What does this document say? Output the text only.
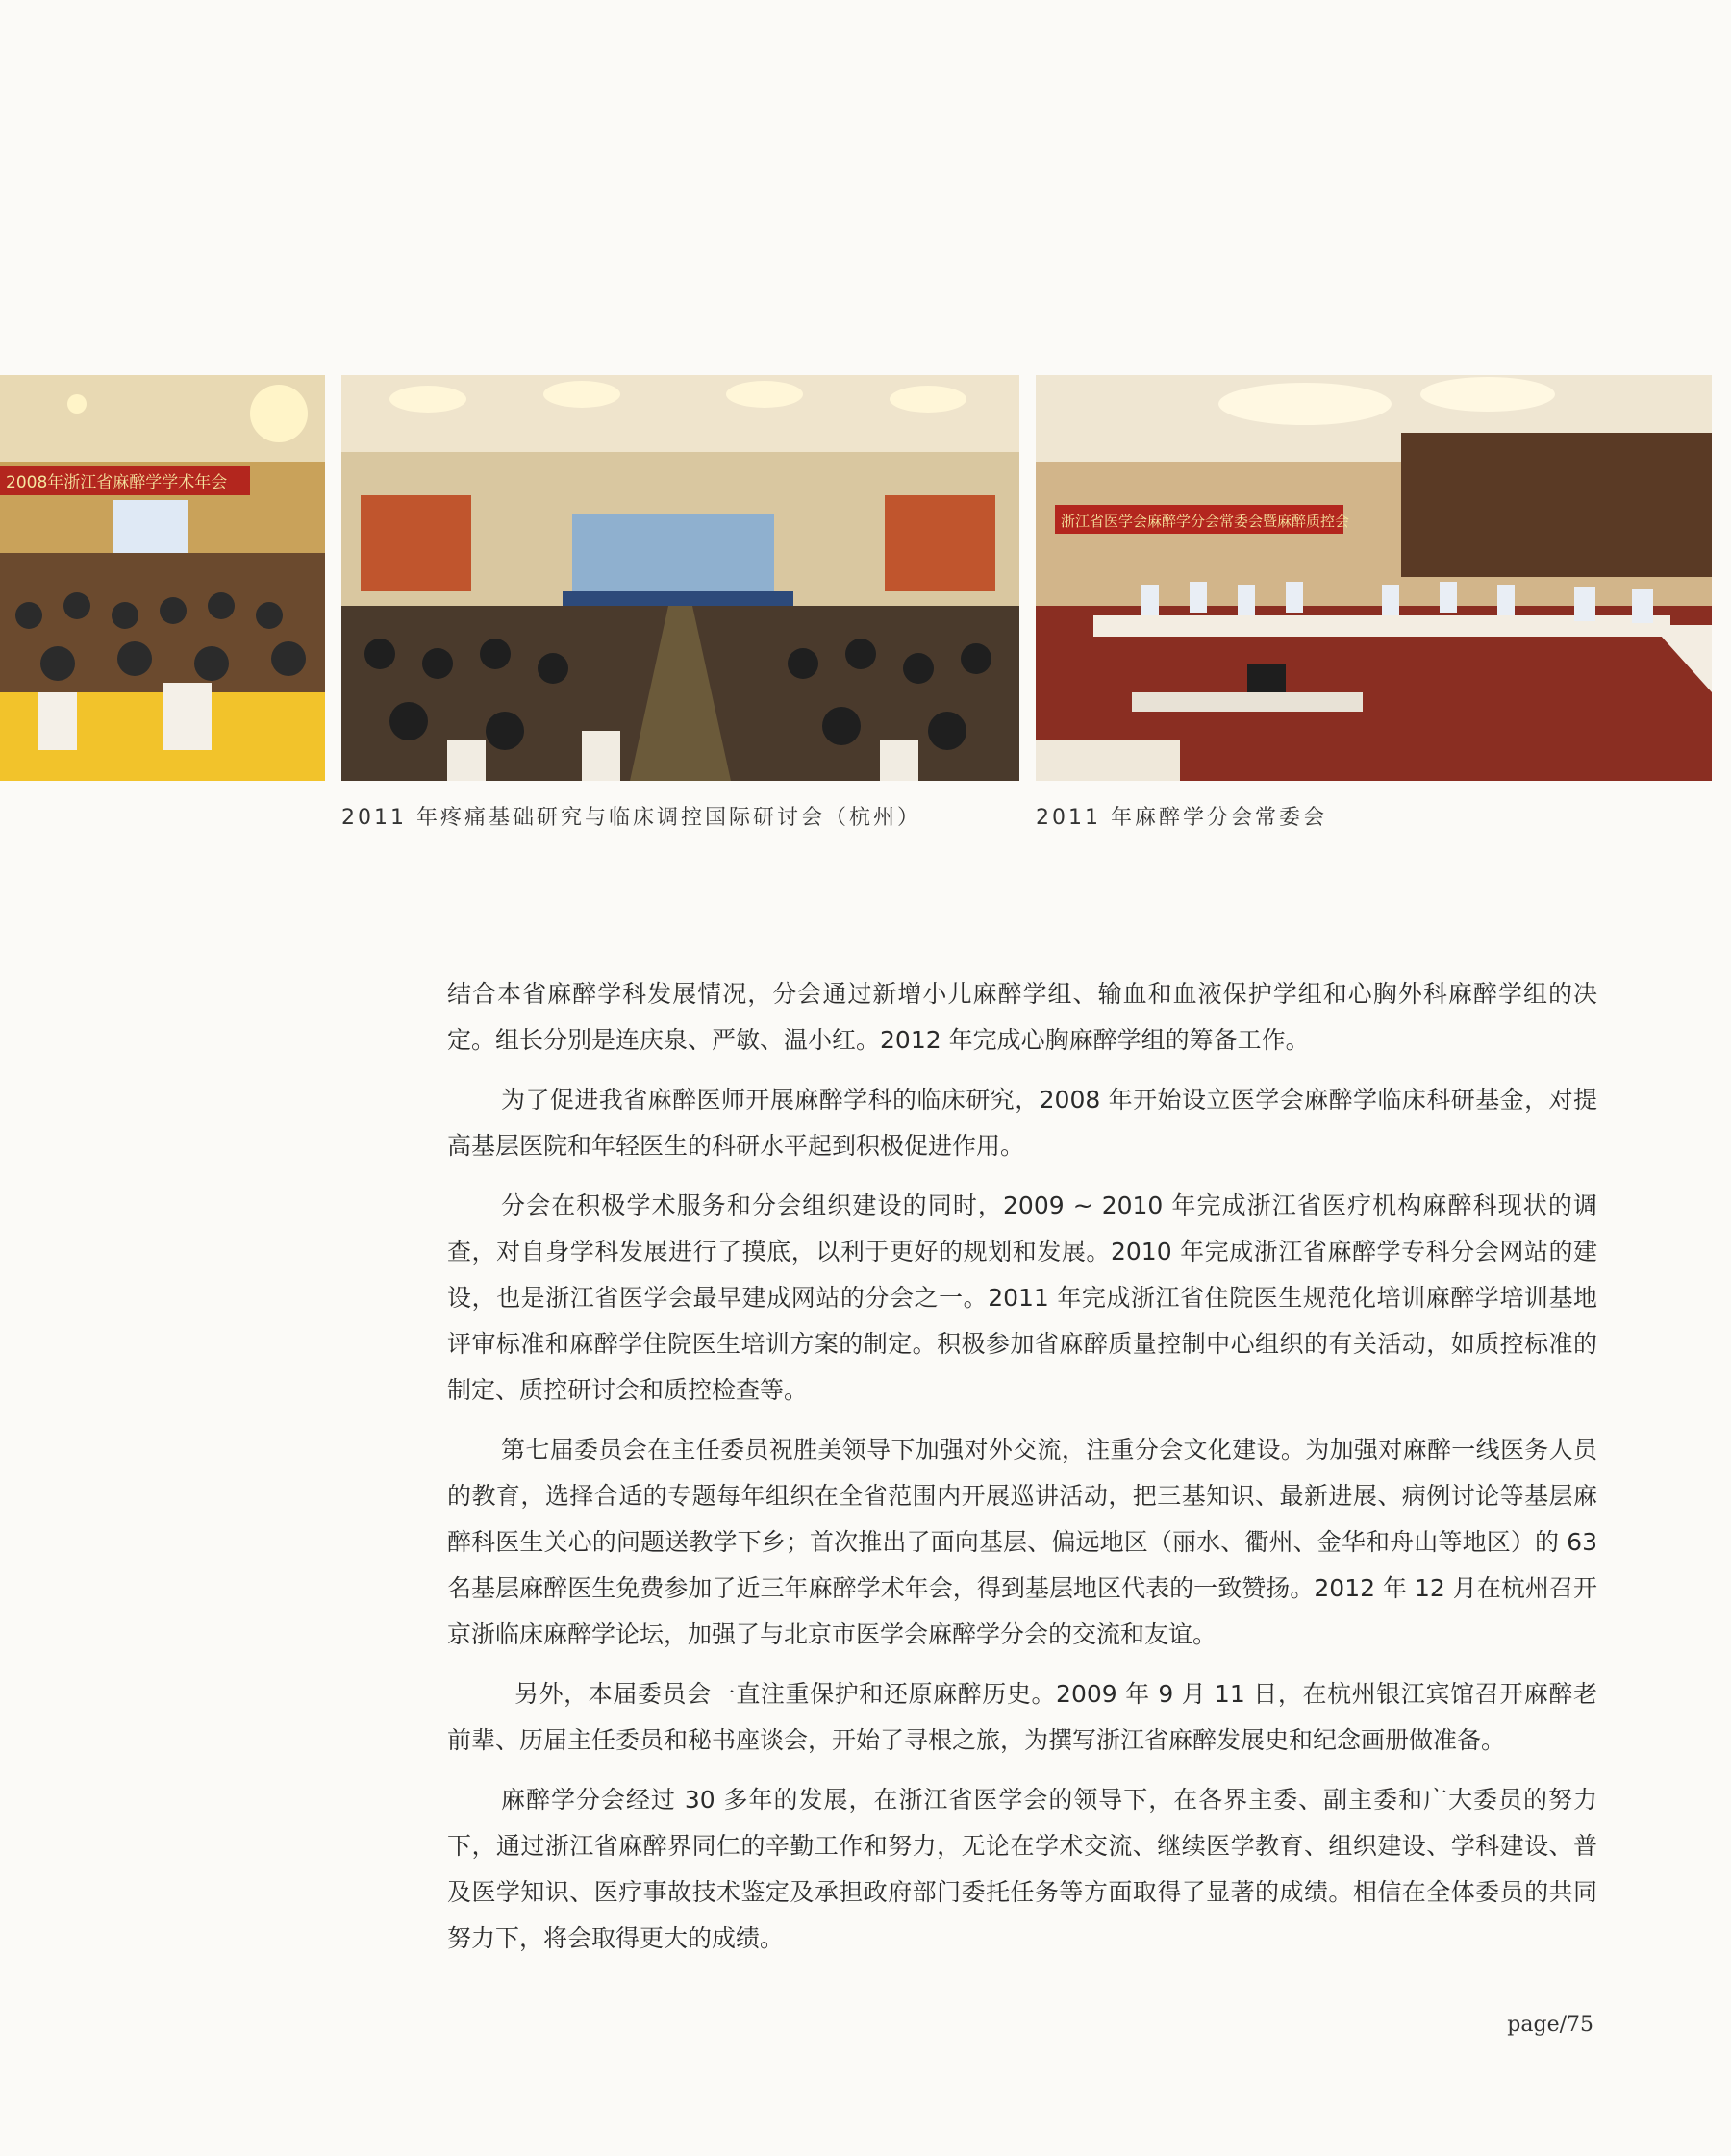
2008年浙江省麻醉学学术年会
浙江省医学会麻醉学分会常委会暨麻醉质控会
2011 年疼痛基础研究与临床调控国际研讨会（杭州）	2011 年麻醉学分会常委会

结合本省麻醉学科发展情况，分会通过新增小儿麻醉学组、输血和血液保护学组和心胸外科麻醉学组的决定。组长分别是连庆泉、严敏、温小红。2012 年完成心胸麻醉学组的筹备工作。

为了促进我省麻醉医师开展麻醉学科的临床研究，2008 年开始设立医学会麻醉学临床科研基金，对提高基层医院和年轻医生的科研水平起到积极促进作用。

分会在积极学术服务和分会组织建设的同时，2009 ~ 2010 年完成浙江省医疗机构麻醉科现状的调查，对自身学科发展进行了摸底，以利于更好的规划和发展。2010 年完成浙江省麻醉学专科分会网站的建设，也是浙江省医学会最早建成网站的分会之一。2011 年完成浙江省住院医生规范化培训麻醉学培训基地评审标准和麻醉学住院医生培训方案的制定。积极参加省麻醉质量控制中心组织的有关活动，如质控标准的制定、质控研讨会和质控检查等。

第七届委员会在主任委员祝胜美领导下加强对外交流，注重分会文化建设。为加强对麻醉一线医务人员的教育，选择合适的专题每年组织在全省范围内开展巡讲活动，把三基知识、最新进展、病例讨论等基层麻醉科医生关心的问题送教学下乡；首次推出了面向基层、偏远地区（丽水、衢州、金华和舟山等地区）的 63 名基层麻醉医生免费参加了近三年麻醉学术年会，得到基层地区代表的一致赞扬。2012 年 12 月在杭州召开京浙临床麻醉学论坛，加强了与北京市医学会麻醉学分会的交流和友谊。

另外，本届委员会一直注重保护和还原麻醉历史。2009 年 9 月 11 日，在杭州银江宾馆召开麻醉老前辈、历届主任委员和秘书座谈会，开始了寻根之旅，为撰写浙江省麻醉发展史和纪念画册做准备。

麻醉学分会经过 30 多年的发展，在浙江省医学会的领导下，在各界主委、副主委和广大委员的努力下，通过浙江省麻醉界同仁的辛勤工作和努力，无论在学术交流、继续医学教育、组织建设、学科建设、普及医学知识、医疗事故技术鉴定及承担政府部门委托任务等方面取得了显著的成绩。相信在全体委员的共同努力下，将会取得更大的成绩。

page/75
